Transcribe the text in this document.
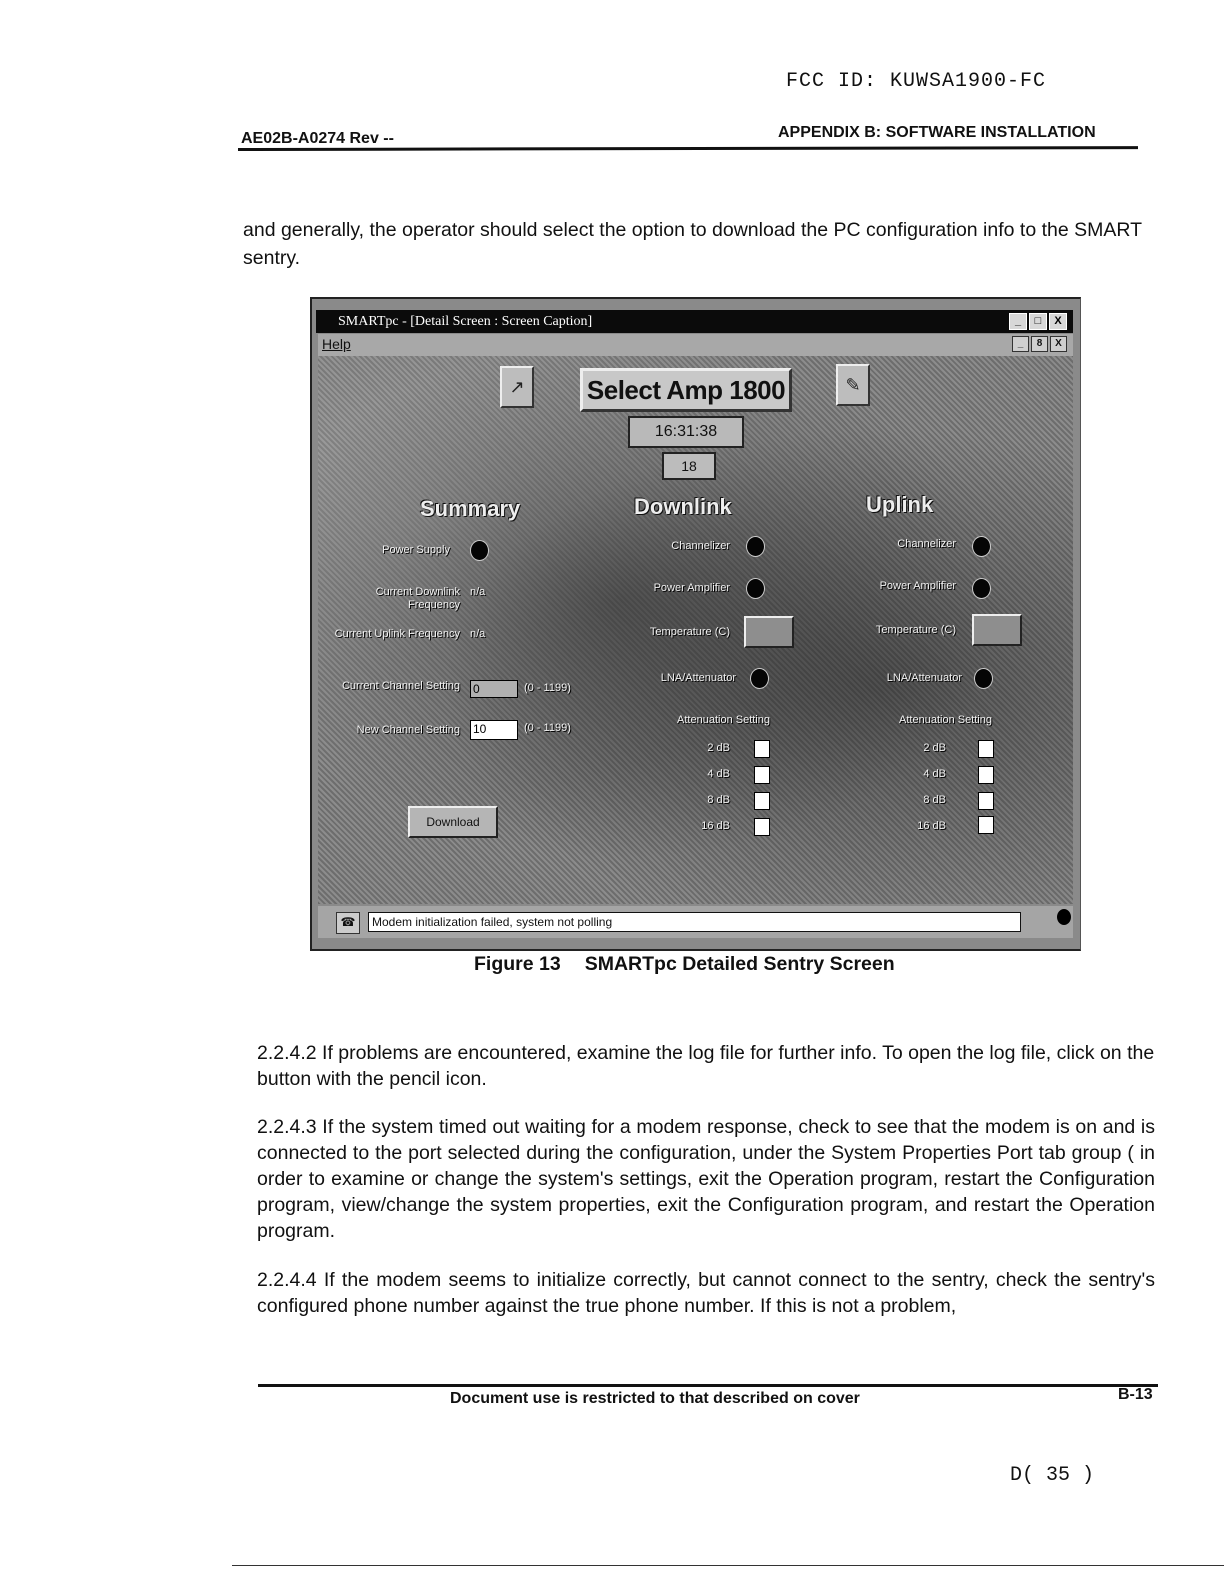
FCC ID: KUWSA1900-FC
AE02B-A0274 Rev --	APPENDIX B: SOFTWARE INSTALLATION
and generally, the operator should select the option to download the PC configuration info to the SMART sentry.
SMARTpc - [Detail Screen : Screen Caption]	_	□	X
Help	_	8	X
↗ Select Amp 1800	✎
16:31:38
18
Summary
Power Supply
Current Downlink Frequency
n/a
Current Uplink Frequency n/a
Current Channel Setting 0	(0 - 1199)
New Channel Setting 10	(0 - 1199)
Download
Downlink
Channelizer
Power Amplifier
Temperature (C)
LNA/Attenuator
Attenuation Setting
2 dB
4 dB
8 dB
16 dB
Uplink
Channelizer
Power Amplifier
Temperature (C)
LNA/Attenuator
Attenuation Setting
2 dB
4 dB
8 dB
16 dB
☎	Modem initialization failed, system not polling
Figure 13 SMARTpc Detailed Sentry Screen
2.2.4.2 If problems are encountered, examine the log file for further info. To open the log file, click on the button with the pencil icon.
2.2.4.3 If the system timed out waiting for a modem response, check to see that the modem is on and is connected to the port selected during the configuration, under the System Properties Port tab group ( in order to examine or change the system's settings, exit the Operation program, restart the Configuration program, view/change the system properties, exit the Configuration program, and restart the Operation program.
2.2.4.4 If the modem seems to initialize correctly, but cannot connect to the sentry, check the sentry's configured phone number against the true phone number. If this is not a problem,
Document use is restricted to that described on cover	B-13
D( 35 )
